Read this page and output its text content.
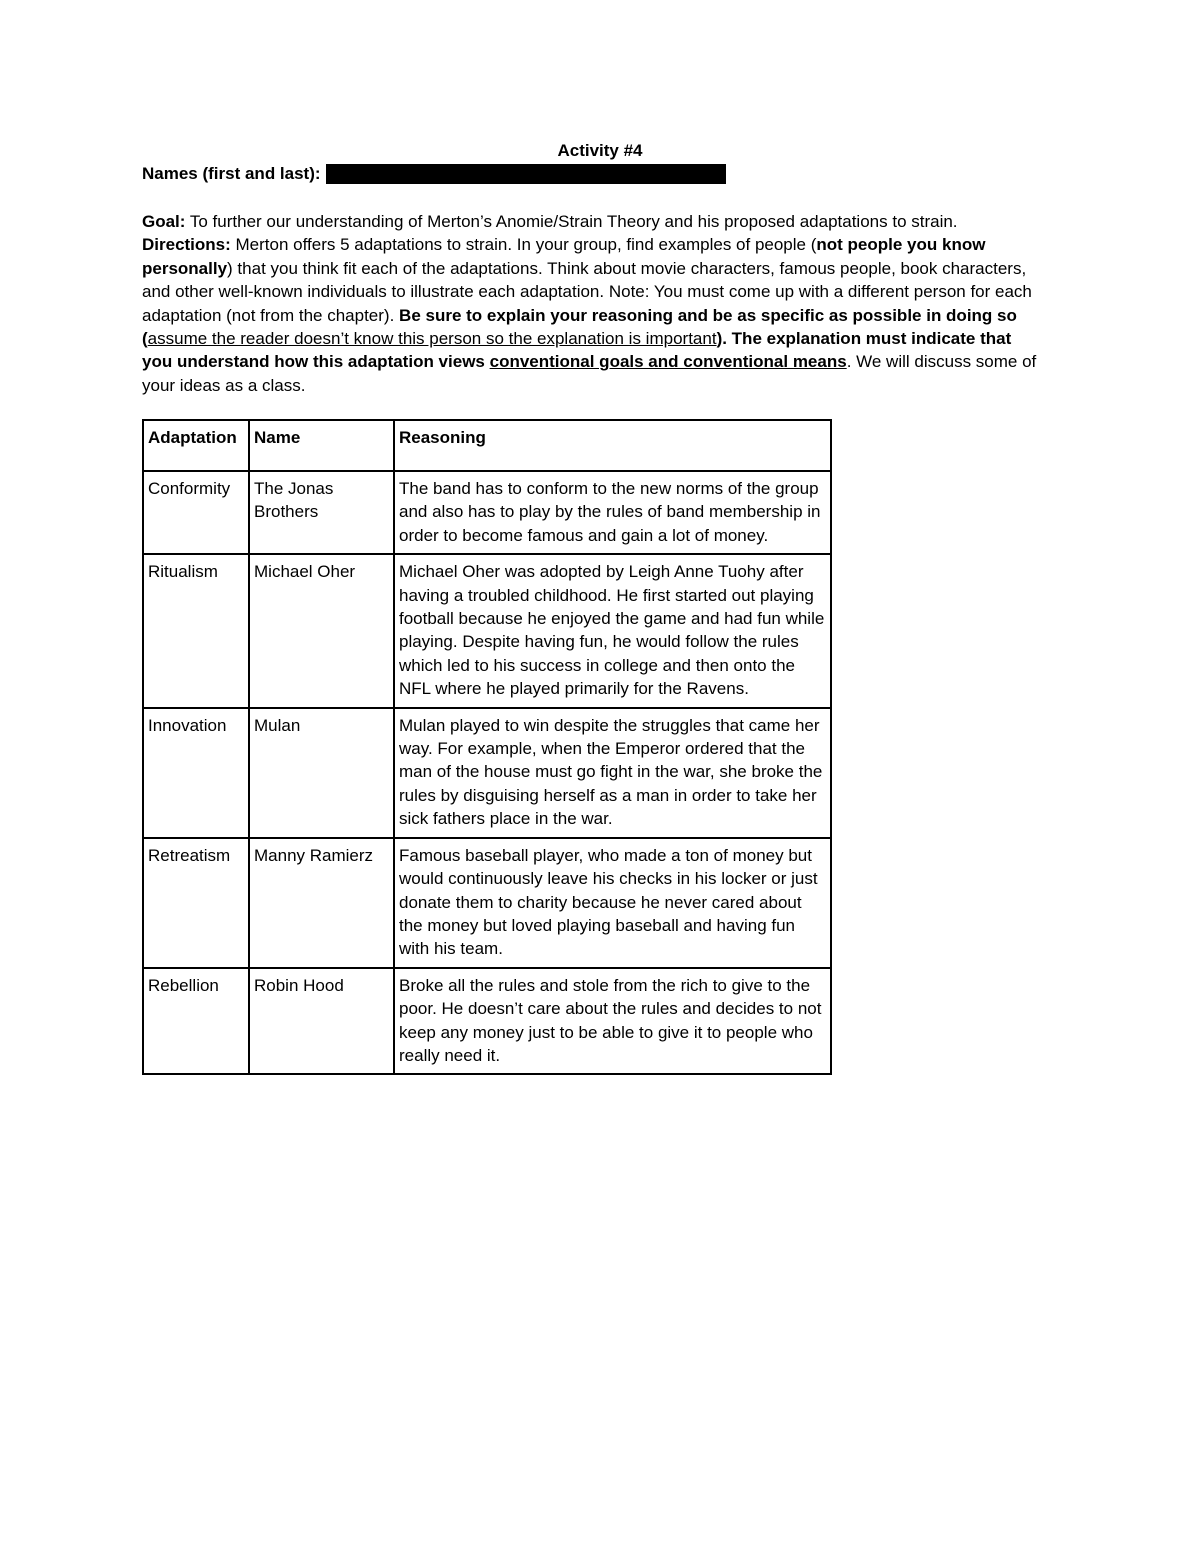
Activity #4
Names (first and last):

Goal: To further our understanding of Merton’s Anomie/Strain Theory and his proposed adaptations to strain.

Directions: Merton offers 5 adaptations to strain. In your group, find examples of people (not people you know personally) that you think fit each of the adaptations. Think about movie characters, famous people, book characters, and other well-known individuals to illustrate each adaptation. Note: You must come up with a different person for each adaptation (not from the chapter). Be sure to explain your reasoning and be as specific as possible in doing so (assume the reader doesn’t know this person so the explanation is important). The explanation must indicate that you understand how this adaptation views conventional goals and conventional means. We will discuss some of your ideas as a class.

Adaptation	Name	Reasoning
Conformity	The Jonas Brothers	The band has to conform to the new norms of the group and also has to play by the rules of band membership in order to become famous and gain a lot of money.
Ritualism	Michael Oher	Michael Oher was adopted by Leigh Anne Tuohy after having a troubled childhood. He first started out playing football because he enjoyed the game and had fun while playing. Despite having fun, he would follow the rules which led to his success in college and then onto the NFL where he played primarily for the Ravens.
Innovation	Mulan	Mulan played to win despite the struggles that came her way. For example, when the Emperor ordered that the man of the house must go fight in the war, she broke the rules by disguising herself as a man in order to take her sick fathers place in the war.
Retreatism	Manny Ramierz	Famous baseball player, who made a ton of money but would continuously leave his checks in his locker or just donate them to charity because he never cared about the money but loved playing baseball and having fun with his team.
Rebellion	Robin Hood	Broke all the rules and stole from the rich to give to the poor. He doesn’t care about the rules and decides to not keep any money just to be able to give it to people who really need it.
